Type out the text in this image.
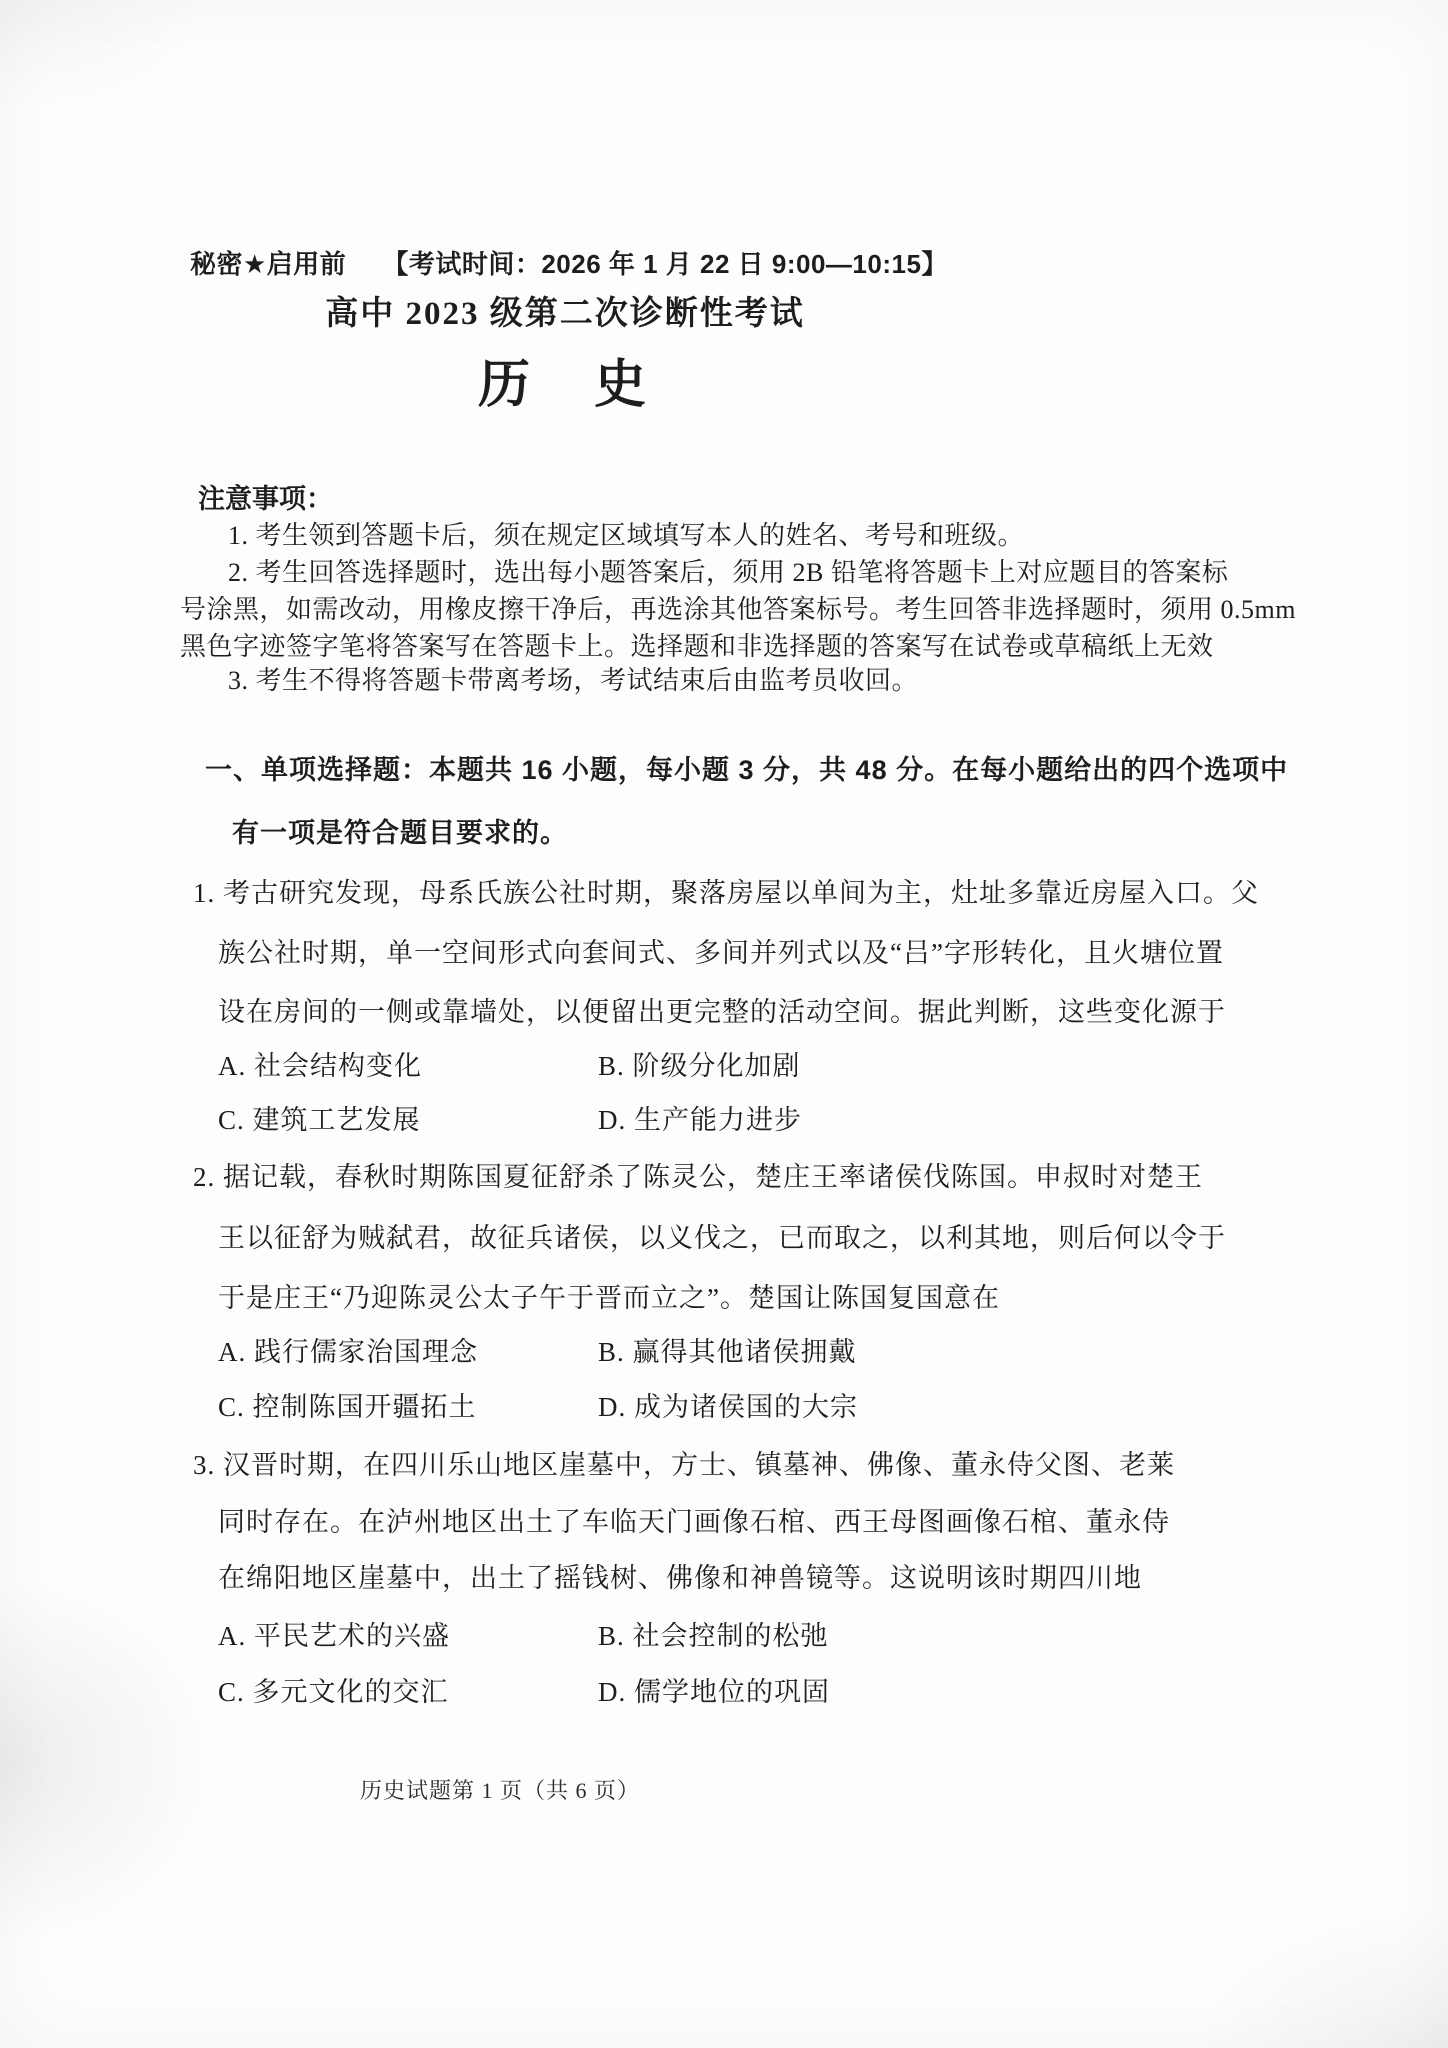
秘密★启用前 【考试时间：2026 年 1 月 22 日 9:00—10:15】
高中 2023 级第二次诊断性考试
历　史
注意事项：
1. 考生领到答题卡后，须在规定区域填写本人的姓名、考号和班级。
2. 考生回答选择题时，选出每小题答案后，须用 2B 铅笔将答题卡上对应题目的答案标
号涂黑，如需改动，用橡皮擦干净后，再选涂其他答案标号。考生回答非选择题时，须用 0.5mm
黑色字迹签字笔将答案写在答题卡上。选择题和非选择题的答案写在试卷或草稿纸上无效
3. 考生不得将答题卡带离考场，考试结束后由监考员收回。
一、单项选择题：本题共 16 小题，每小题 3 分，共 48 分。在每小题给出的四个选项中
有一项是符合题目要求的。
1. 考古研究发现，母系氏族公社时期，聚落房屋以单间为主，灶址多靠近房屋入口。父
族公社时期，单一空间形式向套间式、多间并列式以及“吕”字形转化，且火塘位置
设在房间的一侧或靠墙处，以便留出更完整的活动空间。据此判断，这些变化源于
A. 社会结构变化	B. 阶级分化加剧
C. 建筑工艺发展	D. 生产能力进步
2. 据记载，春秋时期陈国夏征舒杀了陈灵公，楚庄王率诸侯伐陈国。申叔时对楚王
王以征舒为贼弑君，故征兵诸侯，以义伐之，已而取之，以利其地，则后何以令于
于是庄王“乃迎陈灵公太子午于晋而立之”。楚国让陈国复国意在
A. 践行儒家治国理念	B. 赢得其他诸侯拥戴
C. 控制陈国开疆拓土	D. 成为诸侯国的大宗
3. 汉晋时期，在四川乐山地区崖墓中，方士、镇墓神、佛像、董永侍父图、老莱
同时存在。在泸州地区出土了车临天门画像石棺、西王母图画像石棺、董永侍
在绵阳地区崖墓中，出土了摇钱树、佛像和神兽镜等。这说明该时期四川地
A. 平民艺术的兴盛	B. 社会控制的松弛
C. 多元文化的交汇	D. 儒学地位的巩固
历史试题第 1 页（共 6 页）
